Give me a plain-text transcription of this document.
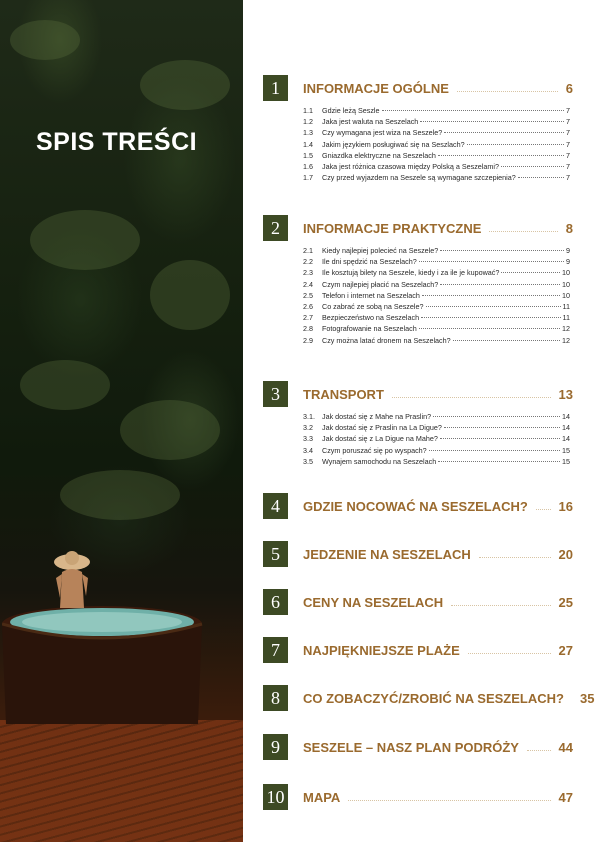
SPIS TREŚCI
1	INFORMACJE OGÓLNE	6
1.1	Gdzie leżą Seszle	7
1.2	Jaka jest waluta na Seszelach	7
1.3	Czy wymagana jest wiza na Seszele?	7
1.4	Jakim językiem posługiwać się na Seszlach?	7
1.5	Gniazdka elektryczne na Seszelach	7
1.6	Jaka jest różnica czasowa między Polską a Seszelami?	7
1.7	Czy przed wyjazdem na Seszele są wymagane szczepienia?	7
2	INFORMACJE PRAKTYCZNE	8
2.1	Kiedy najlepiej polecieć na Seszele?	9
2.2	Ile dni spędzić na Seszelach?	9
2.3	Ile kosztują bilety na Seszele, kiedy i za ile je kupować?	10
2.4	Czym najlepiej płacić na Seszelach?	10
2.5	Telefon i internet na Seszelach	10
2.6	Co zabrać ze sobą na Seszele?	11
2.7	Bezpieczeństwo na Seszelach	11
2.8	Fotografowanie na Seszelach	12
2.9	Czy można latać dronem na Seszelach?	12
3	TRANSPORT	13
3.1. Jak dostać się z Mahe na Praslin?	14
3.2	Jak dostać się z Praslin na La Digue?	14
3.3	Jak dostać się z La Digue na Mahe?	14
3.4	Czym poruszać się po wyspach?	15
3.5	Wynajem samochodu na Seszelach	15
4	GDZIE NOCOWAĆ NA SESZELACH? 16
5	JEDZENIE NA SESZELACH	20
6	CENY NA SESZELACH	25
7	NAJPIĘKNIEJSZE PLAŻE	27
8	CO ZOBACZYĆ/ZROBIĆ NA SESZELACH? 35
9	SESZELE – NASZ PLAN PODRÓŻY	44
10 MAPA	47
